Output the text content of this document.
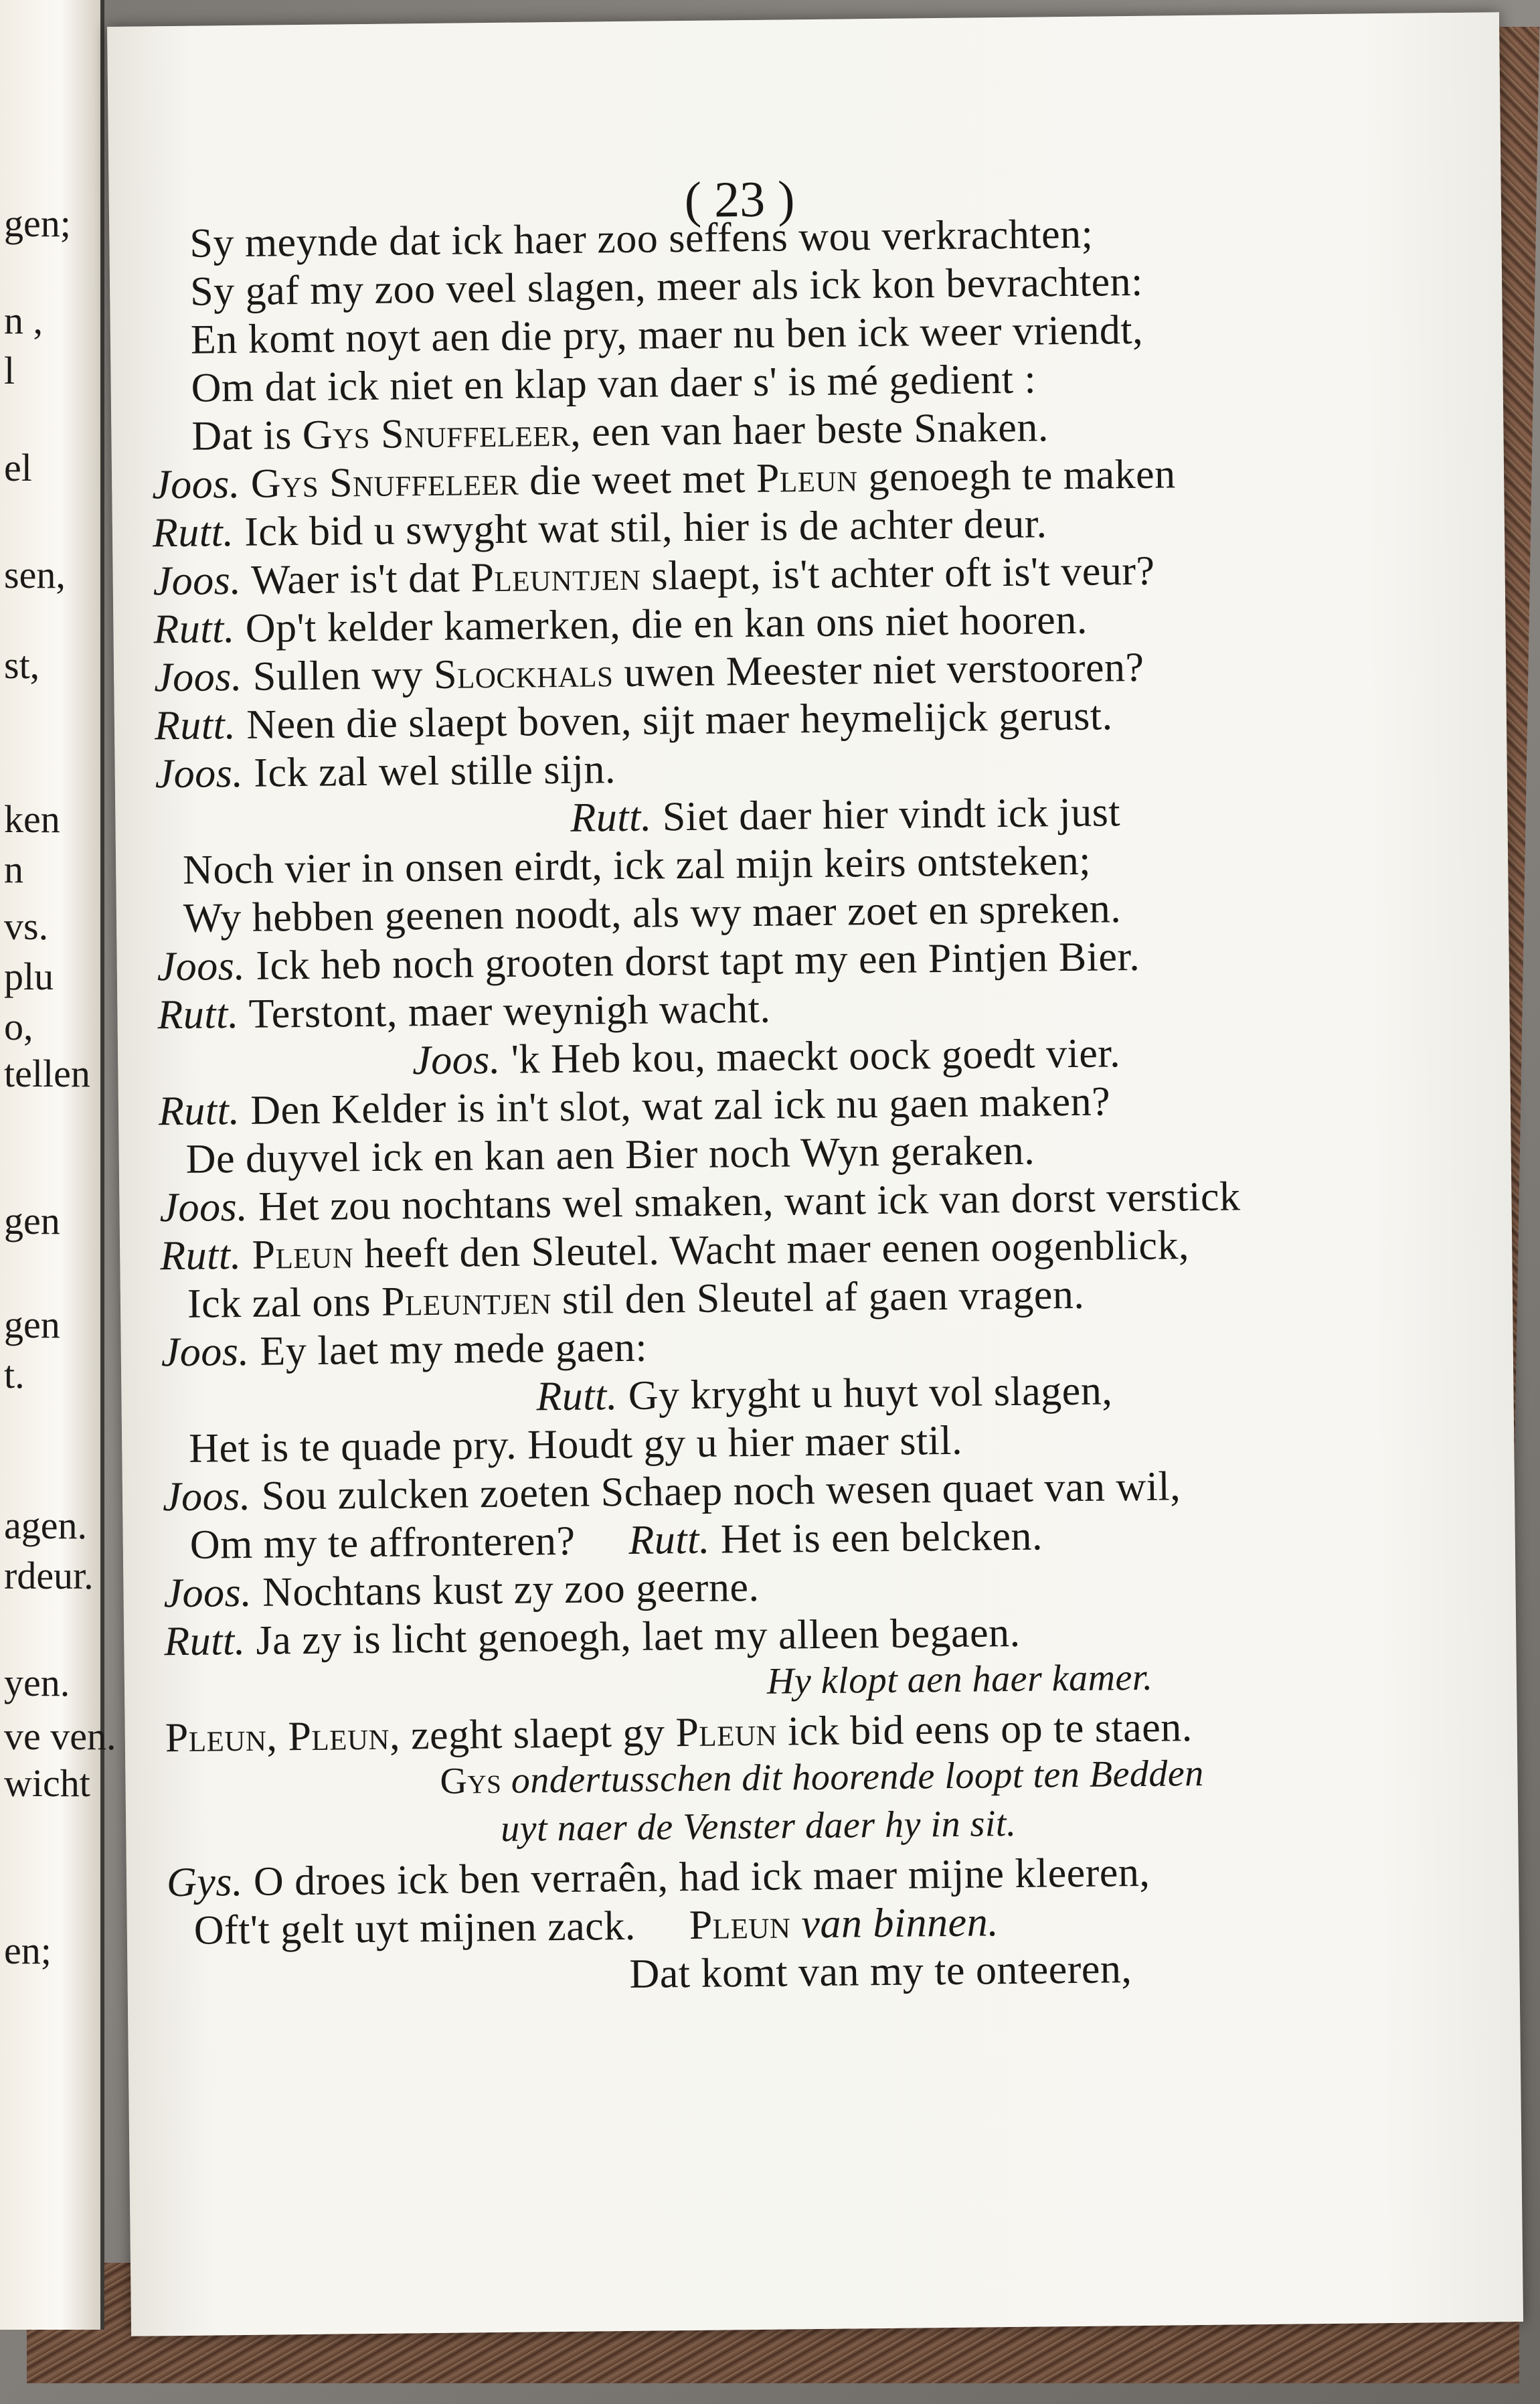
gen;
n ,
l
el
sen,
st,
ken
n
vs.
plu
o,
tellen
gen
gen
t.
agen.
rdeur.
yen.
ve ven.
wicht
en;
( 23 )
Sy meynde dat ick haer zoo seffens wou verkrachten;
Sy gaf my zoo veel slagen, meer als ick kon bevrachten:
En komt noyt aen die pry, maer nu ben ick weer vriendt,
Om dat ick niet en klap van daer s' is mé gedient :
Dat is Gys Snuffeleer, een van haer beste Snaken.
Joos. Gys Snuffeleer die weet met Pleun genoegh te maken
Rutt. Ick bid u swyght wat stil, hier is de achter deur.
Joos. Waer is't dat Pleuntjen slaept, is't achter oft is't veur?
Rutt. Op't kelder kamerken, die en kan ons niet hooren.
Joos. Sullen wy Slockhals uwen Meester niet verstooren?
Rutt. Neen die slaept boven, sijt maer heymelijck gerust.
Joos. Ick zal wel stille sijn.
Rutt. Siet daer hier vindt ick just
Noch vier in onsen eirdt, ick zal mijn keirs ontsteken;
Wy hebben geenen noodt, als wy maer zoet en spreken.
Joos. Ick heb noch grooten dorst tapt my een Pintjen Bier.
Rutt. Terstont, maer weynigh wacht.
Joos. 'k Heb kou, maeckt oock goedt vier.
Rutt. Den Kelder is in't slot, wat zal ick nu gaen maken?
De duyvel ick en kan aen Bier noch Wyn geraken.
Joos. Het zou nochtans wel smaken, want ick van dorst verstick
Rutt. Pleun heeft den Sleutel. Wacht maer eenen oogenblick,
Ick zal ons Pleuntjen stil den Sleutel af gaen vragen.
Joos. Ey laet my mede gaen:
Rutt. Gy kryght u huyt vol slagen,
Het is te quade pry. Houdt gy u hier maer stil.
Joos. Sou zulcken zoeten Schaep noch wesen quaet van wil,
Om my te affronteren? Rutt. Het is een belcken.
Joos. Nochtans kust zy zoo geerne.
Rutt. Ja zy is licht genoegh, laet my alleen begaen.
Hy klopt aen haer kamer.
Pleun, Pleun, zeght slaept gy Pleun ick bid eens op te staen.
Gys ondertusschen dit hoorende loopt ten Bedden
uyt naer de Venster daer hy in sit.
Gys. O droes ick ben verraên, had ick maer mijne kleeren,
Oft't gelt uyt mijnen zack. Pleun van binnen.
Dat komt van my te onteeren,
